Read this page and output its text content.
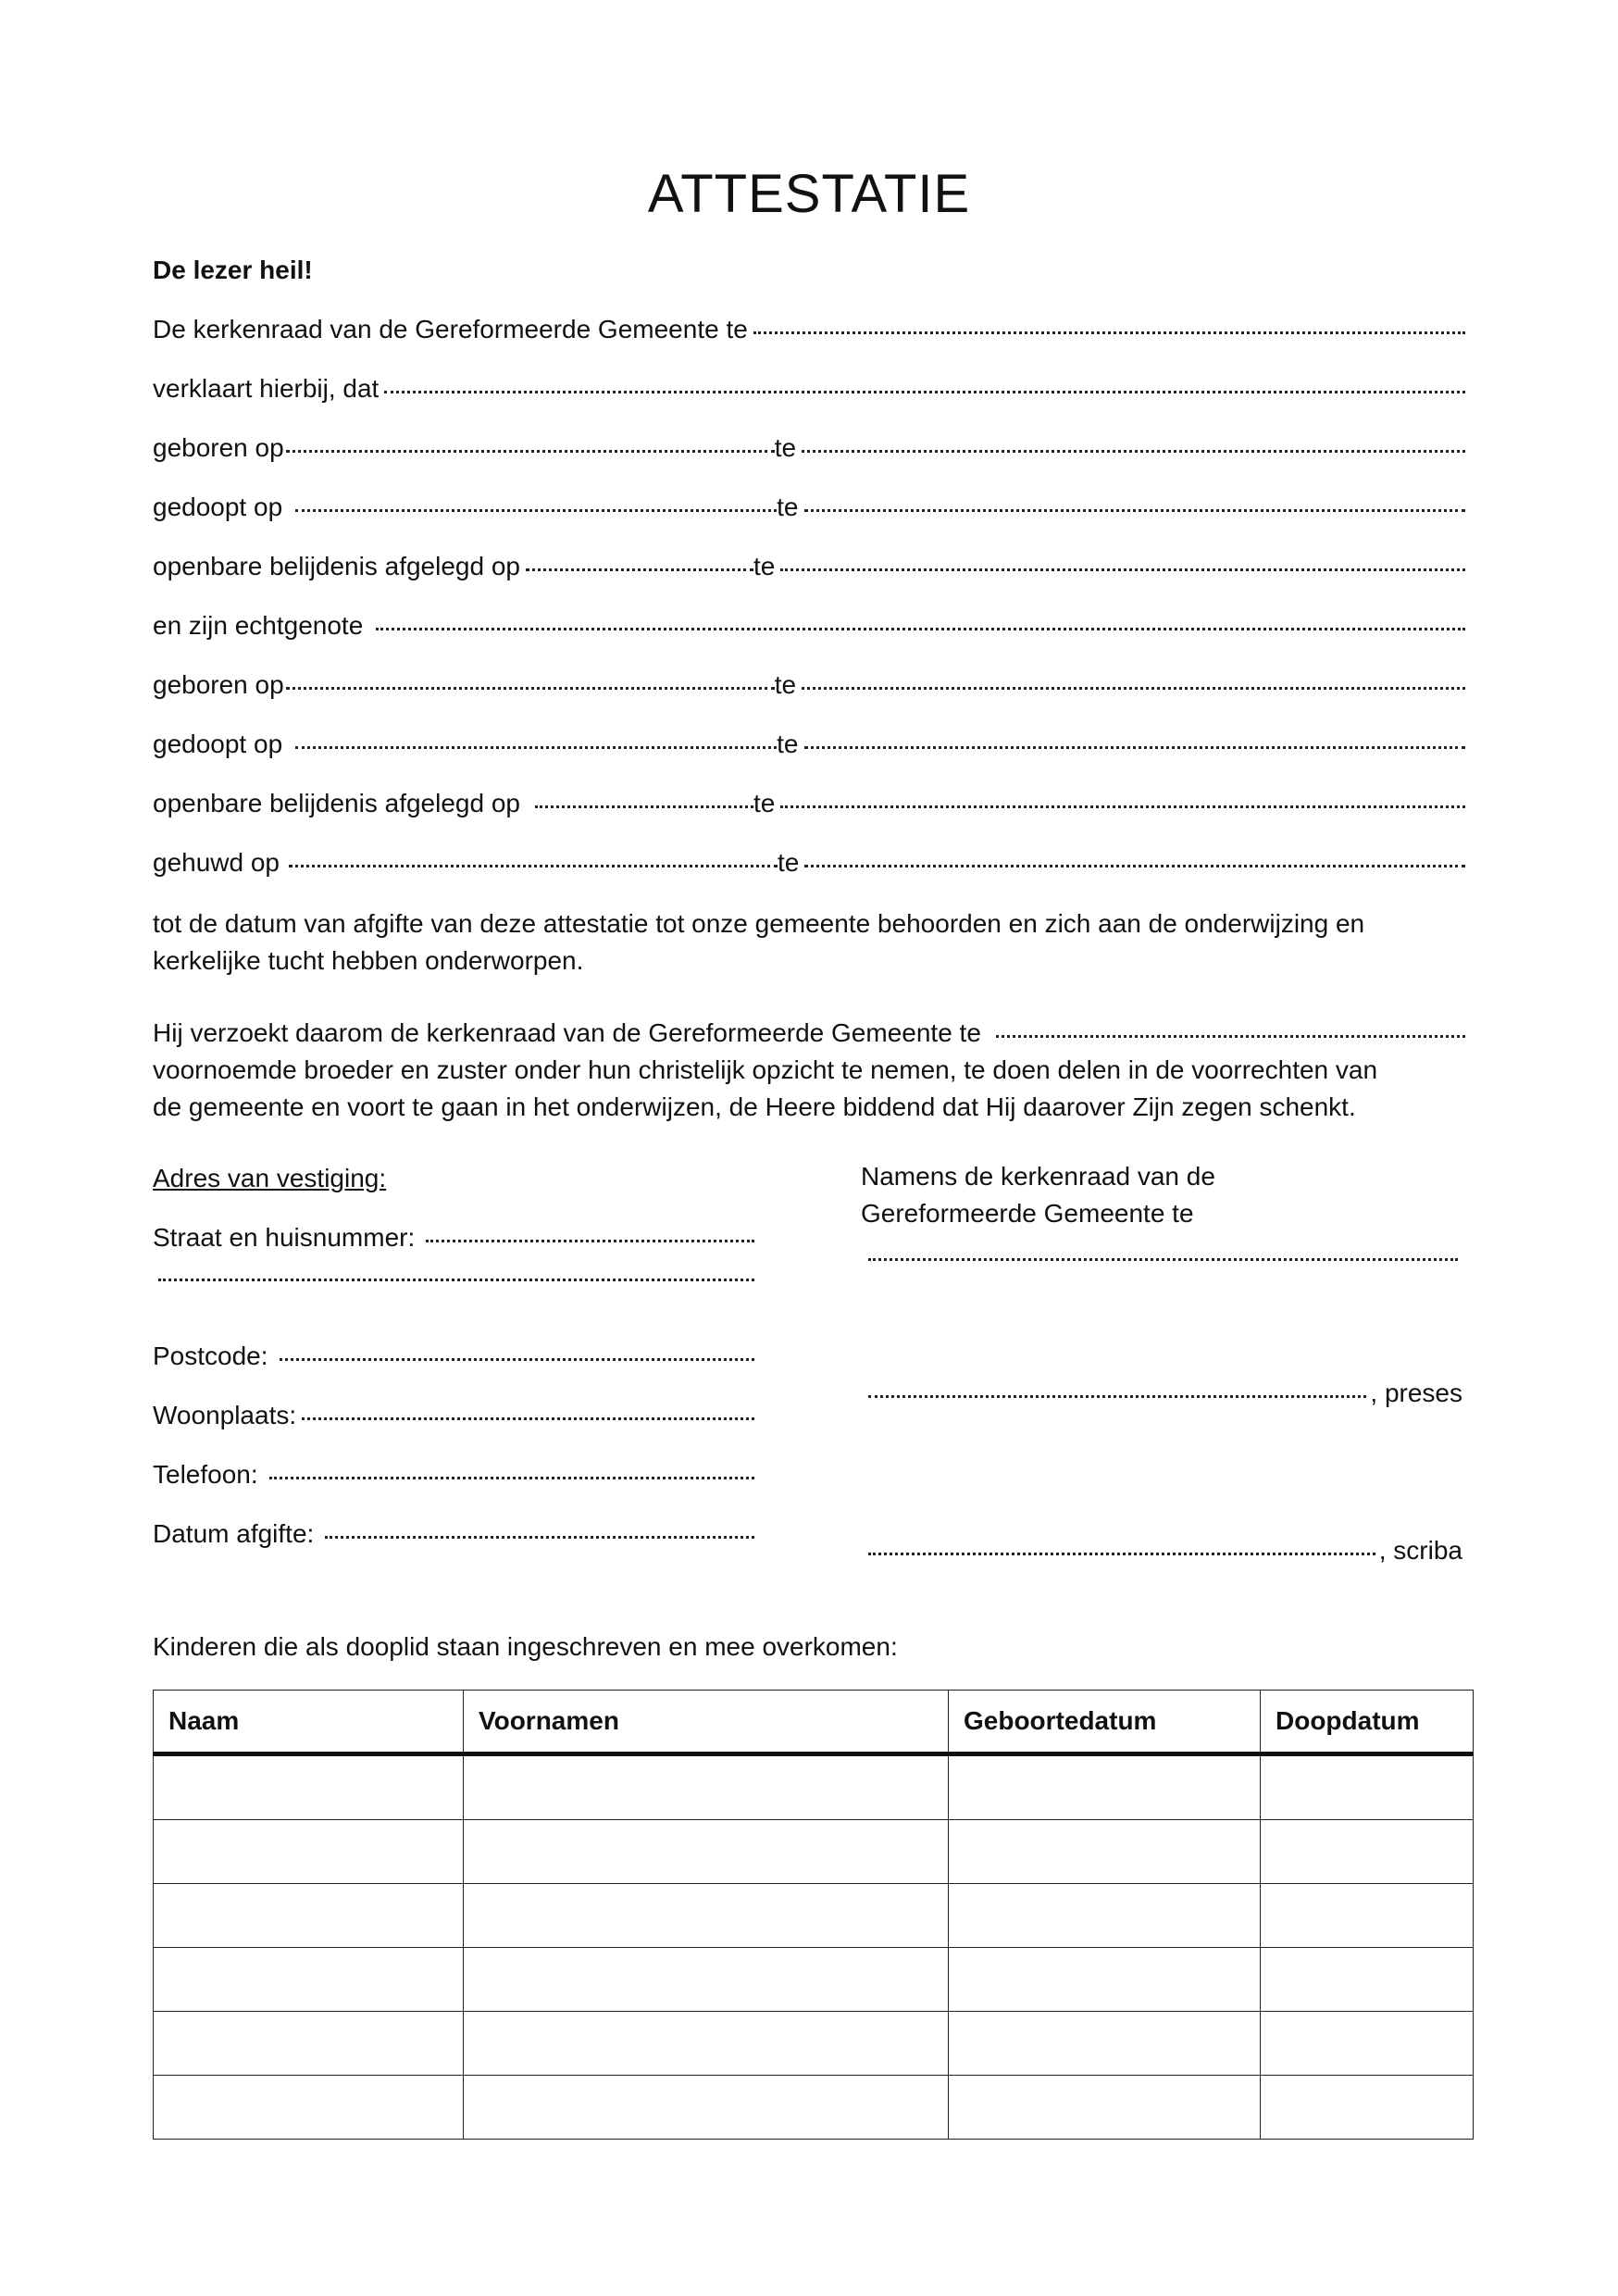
ATTESTATIE
De lezer heil!
De kerkenraad van de Gereformeerde Gemeente te
verklaart hierbij, dat
geboren op	te
gedoopt op	te
openbare belijdenis afgelegd op	te
en zijn echtgenote
geboren op	te
gedoopt op	te
openbare belijdenis afgelegd op	te
gehuwd op	te
tot de datum van afgifte van deze attestatie tot onze gemeente behoorden en zich aan de onderwijzing en
kerkelijke tucht hebben onderworpen.
Hij verzoekt daarom de kerkenraad van de Gereformeerde Gemeente te
voornoemde broeder en zuster onder hun christelijk opzicht te nemen, te doen delen in de voorrechten van
de gemeente en voort te gaan in het onderwijzen, de Heere biddend dat Hij daarover Zijn zegen schenkt.
Adres van vestiging:
Straat en huisnummer:
Postcode:
Woonplaats:
Telefoon:
Datum afgifte:
Namens de kerkenraad van de
Gereformeerde Gemeente te
, preses
, scriba
Kinderen die als dooplid staan ingeschreven en mee overkomen:
Naam	Voornamen	Geboortedatum	Doopdatum
